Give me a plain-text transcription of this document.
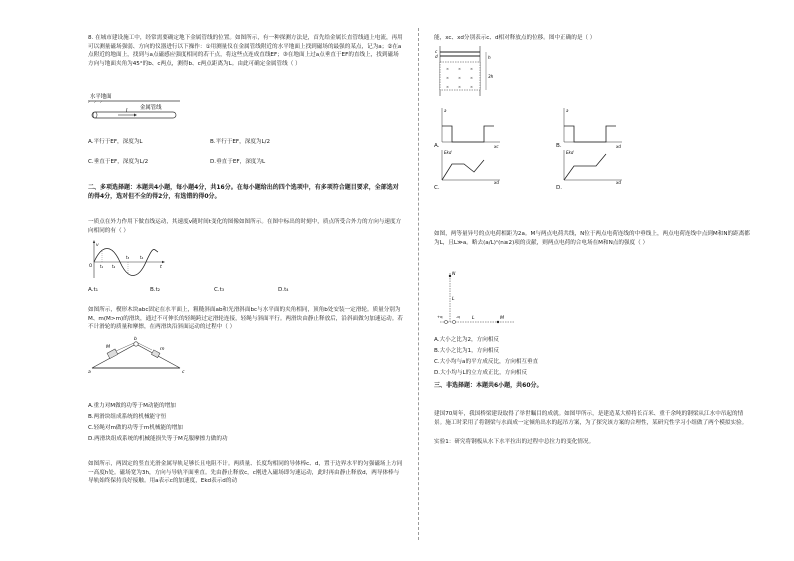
8. 在城市建设施工中，经常需要确定地下金属管线的位置。如图所示，有一种探测方法是，首先给金属长直管线通上电流，再用可以测量磁场强弱、方向的仪器进行以下操作：①用测量仪在金属管线附近的水平地面上找到磁场的最强的某点，记为a；②在a点附近的地面上，找到与a点磁感应强度相同的若干点，将这些点连成直线EF；③在地面上过a点垂直于EF的直线上，找到磁场方向与地面夹角为45°的b、c两点，测得b、c两点距离为L。由此可确定金属管线（ ）

水平地面
金属管线
I

A.平行于EF，深度为L	B.平行于EF，深度为L/2

C.垂直于EF，深度为L/2	D.垂直于EF，深度为L

二、多项选择题：本题共4小题，每小题4分，共16分。在每小题给出的四个选项中，有多项符合题目要求，全部选对的得4分，选对但不全的得2分，有选错的得0分。

一质点在外力作用下做直线运动，其速度v随时间t变化的图像如图所示。在图中标出的时刻中，质点所受合外力的方向与速度方向相同的有（ ）

v
t₁ t₂
t₃	t₄
t
O

A.t₁	B.t₂	C.t₃	D.t₄

如图所示，楔形木块abc固定在水平面上，粗糙斜面ab和光滑斜面bc与水平面的夹角相同，顶角b处安装一定滑轮。质量分别为M、m(M>m)的滑块，通过不可伸长的轻绳跨过定滑轮连接，轻绳与斜面平行。两滑块由静止释放后，沿斜面做匀加速运动。若不计滑轮的质量和摩擦，在两滑块沿斜面运动的过程中（ ）

M	m
a
b
c

A.重力对M做的功等于M动能的增加

B.两滑块组成系统的机械能守恒

C.轻绳对m做的功等于m机械能的增加

D.两滑块组成系统的机械能损失等于M克服摩擦力做的功

如图所示，两固定的竖直光滑金属导轨足够长且电阻不计。两质量、长度均相同的导体棒c、d，置于边界水平的匀强磁场上方同一高度h处。磁场宽为3h，方向与导轨平面垂直。先由静止释放c，c刚进入磁场即匀速运动，此时再由静止释放d，两导体棒与导轨始终保持良好接触。用a表示c的加速度，Ekd表示d的动

能，xc、xd分别表示c、d相对释放点的位移。图中正确的是（ ）

× × ×
× × ×
× × ×
c
d	h
3h
a
xc
a
xd
Ekd
xd
Ekd
xd

A.	B.

C.	D.

如图，两等量异号的点电荷相距为2a。M与两点电荷共线，N位于两点电荷连线的中垂线上，两点电荷连线中点到M和N的距离都为L，且L≫a。略去(a/L)ⁿ(n≥2)项的贡献，则两点电荷的合电场在M和N点的强度（ ）

N
L
+q	-q	L	M

A.大小之比为2，方向相反

B.大小之比为1，方向相反

C.大小均与a的平方成反比，方向相互垂直

D.大小均与L的立方成正比，方向相反

三、非选择题：本题共6小题，共60分。

建国70周年，我国桥梁建设取得了举世瞩目的成就。如图甲所示，是建造某大桥将长百米、重千余吨的钢梁从江水中吊起的情景。施工时采用了将钢梁与水面成一定倾角出水的起吊方案，为了探究该方案的合理性，某研究性学习小组做了两个模拟实验。

实验1：研究将钢板从水下水平拉出的过程中总拉力的变化情况。
